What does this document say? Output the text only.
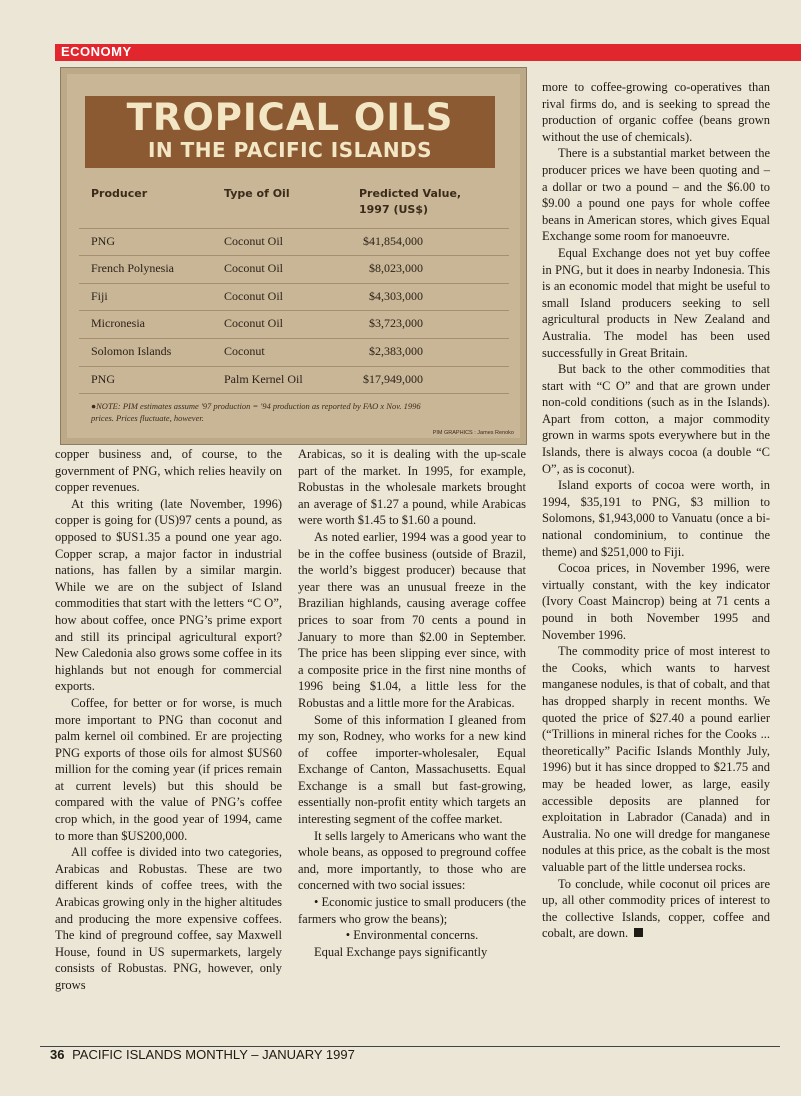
ECONOMY
TROPICAL OILS
IN THE PACIFIC ISLANDS
Producer	Type of Oil	Predicted Value,
1997 (US$)
PNG	Coconut Oil	$41,854,000
French Polynesia	Coconut Oil	$8,023,000
Fiji	Coconut Oil	$4,303,000
Micronesia	Coconut Oil	$3,723,000
Solomon Islands	Coconut	$2,383,000
PNG	Palm Kernel Oil	$17,949,000
●NOTE: PIM estimates assume '97 production = '94 production as reported by FAO x Nov. 1996 prices. Prices fluctuate, however.
PIM GRAPHICS : James Renoko

copper business and, of course, to the government of PNG, which relies heavily on copper revenues.

At this writing (late November, 1996) copper is going for (US)97 cents a pound, as opposed to $US1.35 a pound one year ago. Copper scrap, a major factor in industrial nations, has fallen by a similar margin. While we are on the subject of Island commodities that start with the letters “C O”, how about coffee, once PNG’s prime export and still its principal agricultural export? New Caledonia also grows some coffee in its highlands but not enough for commercial exports.

Coffee, for better or for worse, is much more important to PNG than coconut and palm kernel oil combined. Er are projecting PNG exports of those oils for almost $US60 million for the coming year (if prices remain at current levels) but this should be compared with the value of PNG’s coffee crop which, in the good year of 1994, came to more than $US200,000.

All coffee is divided into two categories, Arabicas and Robustas. These are two different kinds of coffee trees, with the Arabicas growing only in the higher altitudes and producing the more expensive coffees. The kind of preground coffee, say Maxwell House, found in US supermarkets, largely consists of Robustas. PNG, however, only grows

Arabicas, so it is dealing with the up-scale part of the market. In 1995, for example, Robustas in the wholesale markets brought an average of $1.27 a pound, while Arabicas were worth $1.45 to $1.60 a pound.

As noted earlier, 1994 was a good year to be in the coffee business (outside of Brazil, the world’s biggest producer) because that year there was an unusual freeze in the Brazilian highlands, causing average coffee prices to soar from 70 cents a pound in January to more than $2.00 in September. The price has been slipping ever since, with a composite price in the first nine months of 1996 being $1.04, a little less for the Robustas and a little more for the Arabicas.

Some of this information I gleaned from my son, Rodney, who works for a new kind of coffee importer-wholesaler, Equal Exchange of Canton, Massachusetts. Equal Exchange is a small but fast-growing, essentially non-profit entity which targets an interesting segment of the coffee market.

It sells largely to Americans who want the whole beans, as opposed to preground coffee and, more importantly, to those who are concerned with two social issues:

• Economic justice to small producers (the farmers who grow the beans);

• Environmental concerns.

Equal Exchange pays significantly

more to coffee-growing co-operatives than rival firms do, and is seeking to spread the production of organic coffee (beans grown without the use of chemicals).

There is a substantial market between the producer prices we have been quoting and – a dollar or two a pound – and the $6.00 to $9.00 a pound one pays for whole coffee beans in American stores, which gives Equal Exchange some room for manoeuvre.

Equal Exchange does not yet buy coffee in PNG, but it does in nearby Indonesia. This is an economic model that might be useful to small Island producers seeking to sell agricultural products in New Zealand and Australia. The model has been used successfully in Great Britain.

But back to the other commodities that start with “C O” and that are grown under non-cold conditions (such as in the Islands). Apart from cotton, a major commodity grown in warms spots everywhere but in the Islands, there is always cocoa (a double “C O”, as is coconut).

Island exports of cocoa were worth, in 1994, $35,191 to PNG, $3 million to Solomons, $1,943,000 to Vanuatu (once a bi-national condominium, to continue the theme) and $251,000 to Fiji.

Cocoa prices, in November 1996, were virtually constant, with the key indicator (Ivory Coast Maincrop) being at 71 cents a pound in both November 1995 and November 1996.

The commodity price of most interest to the Cooks, which wants to harvest manganese nodules, is that of cobalt, and that has dropped sharply in recent months. We quoted the price of $27.40 a pound earlier (“Trillions in mineral riches for the Cooks ... theoretically” Pacific Islands Monthly July, 1996) but it has since dropped to $21.75 and may be headed lower, as large, easily accessible deposits are planned for exploitation in Labrador (Canada) and in Australia. No one will dredge for manganese nodules at this price, as the cobalt is the most valuable part of the little undersea rocks.

To conclude, while coconut oil prices are up, all other commodity prices of interest to the collective Islands, copper, coffee and cobalt, are down.

36 PACIFIC ISLANDS MONTHLY – JANUARY 1997
